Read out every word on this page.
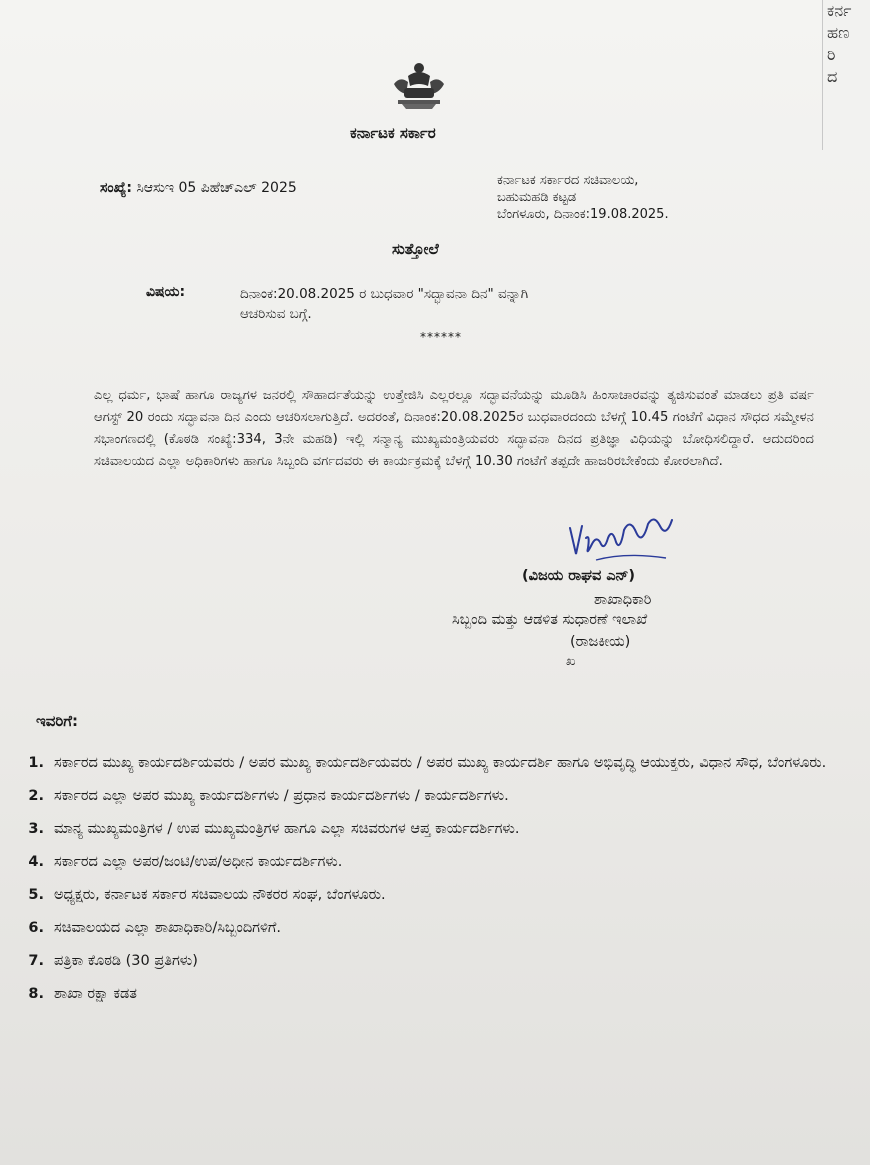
ಕರ್ನ
ಹಣ
ರಿ
ದ
ಕರ್ನಾಟಕ ಸರ್ಕಾರ
ಸಂಖ್ಯೆ: ಸಿಆಸುಇ 05 ಪಿಹೆಚ್ಎಲ್ 2025	ಕರ್ನಾಟಕ ಸರ್ಕಾರದ ಸಚಿವಾಲಯ,
ಬಹುಮಹಡಿ ಕಟ್ಟಡ
ಬೆಂಗಳೂರು, ದಿನಾಂಕ:19.08.2025.
ಸುತ್ತೋಲೆ
ವಿಷಯ:	ದಿನಾಂಕ:20.08.2025 ರ ಬುಧವಾರ "ಸದ್ಭಾವನಾ ದಿನ" ವನ್ನಾಗಿ
ಆಚರಿಸುವ ಬಗ್ಗೆ.
******

ಎಲ್ಲ ಧರ್ಮ, ಭಾಷೆ ಹಾಗೂ ರಾಜ್ಯಗಳ ಜನರಲ್ಲಿ ಸೌಹಾರ್ದತೆಯನ್ನು ಉತ್ತೇಜಿಸಿ ಎಲ್ಲರಲ್ಲೂ ಸದ್ಭಾವನೆಯನ್ನು ಮೂಡಿಸಿ ಹಿಂಸಾಚಾರವನ್ನು ತ್ಯಜಿಸುವಂತೆ ಮಾಡಲು ಪ್ರತಿ ವರ್ಷ ಆಗಸ್ಟ್ 20 ರಂದು ಸದ್ಭಾವನಾ ದಿನ ಎಂದು ಆಚರಿಸಲಾಗುತ್ತಿದೆ. ಅದರಂತೆ, ದಿನಾಂಕ:20.08.2025ರ ಬುಧವಾರದಂದು ಬೆಳಗ್ಗೆ 10.45 ಗಂಟೆಗೆ ವಿಧಾನ ಸೌಧದ ಸಮ್ಮೇಳನ ಸಭಾಂಗಣದಲ್ಲಿ (ಕೊಠಡಿ ಸಂಖ್ಯೆ:334, 3ನೇ ಮಹಡಿ) ಇಲ್ಲಿ ಸನ್ಮಾನ್ಯ ಮುಖ್ಯಮಂತ್ರಿಯವರು ಸದ್ಭಾವನಾ ದಿನದ ಪ್ರತಿಜ್ಞಾ ವಿಧಿಯನ್ನು ಬೋಧಿಸಲಿದ್ದಾರೆ. ಆದುದರಿಂದ ಸಚಿವಾಲಯದ ಎಲ್ಲಾ ಅಧಿಕಾರಿಗಳು ಹಾಗೂ ಸಿಬ್ಬಂದಿ ವರ್ಗದವರು ಈ ಕಾರ್ಯಕ್ರಮಕ್ಕೆ ಬೆಳಗ್ಗೆ 10.30 ಗಂಟೆಗೆ ತಪ್ಪದೇ ಹಾಜರಿರಬೇಕೆಂದು ಕೋರಲಾಗಿದೆ.

(ವಿಜಯ ರಾಘವ ಎನ್)
ಶಾಖಾಧಿಕಾರಿ
ಸಿಬ್ಬಂದಿ ಮತ್ತು ಆಡಳಿತ ಸುಧಾರಣೆ ಇಲಾಖೆ
(ರಾಜಕೀಯ)
ಖ
ಇವರಿಗೆ:
1. ಸರ್ಕಾರದ ಮುಖ್ಯ ಕಾರ್ಯದರ್ಶಿಯವರು / ಅಪರ ಮುಖ್ಯ ಕಾರ್ಯದರ್ಶಿಯವರು / ಅಪರ ಮುಖ್ಯ ಕಾರ್ಯದರ್ಶಿ ಹಾಗೂ ಅಭಿವೃದ್ಧಿ ಆಯುಕ್ತರು, ವಿಧಾನ ಸೌಧ, ಬೆಂಗಳೂರು.
2. ಸರ್ಕಾರದ ಎಲ್ಲಾ ಅಪರ ಮುಖ್ಯ ಕಾರ್ಯದರ್ಶಿಗಳು / ಪ್ರಧಾನ ಕಾರ್ಯದರ್ಶಿಗಳು / ಕಾರ್ಯದರ್ಶಿಗಳು.
3. ಮಾನ್ಯ ಮುಖ್ಯಮಂತ್ರಿಗಳ / ಉಪ ಮುಖ್ಯಮಂತ್ರಿಗಳ ಹಾಗೂ ಎಲ್ಲಾ ಸಚಿವರುಗಳ ಆಪ್ತ ಕಾರ್ಯದರ್ಶಿಗಳು.
4. ಸರ್ಕಾರದ ಎಲ್ಲಾ ಅಪರ/ಜಂಟಿ/ಉಪ/ಅಧೀನ ಕಾರ್ಯದರ್ಶಿಗಳು.
5. ಅಧ್ಯಕ್ಷರು, ಕರ್ನಾಟಕ ಸರ್ಕಾರ ಸಚಿವಾಲಯ ನೌಕರರ ಸಂಘ, ಬೆಂಗಳೂರು.
6. ಸಚಿವಾಲಯದ ಎಲ್ಲಾ ಶಾಖಾಧಿಕಾರಿ/ಸಿಬ್ಬಂದಿಗಳಿಗೆ.
7. ಪತ್ರಿಕಾ ಕೊಠಡಿ (30 ಪ್ರತಿಗಳು)
8. ಶಾಖಾ ರಕ್ಷಾ ಕಡತ
